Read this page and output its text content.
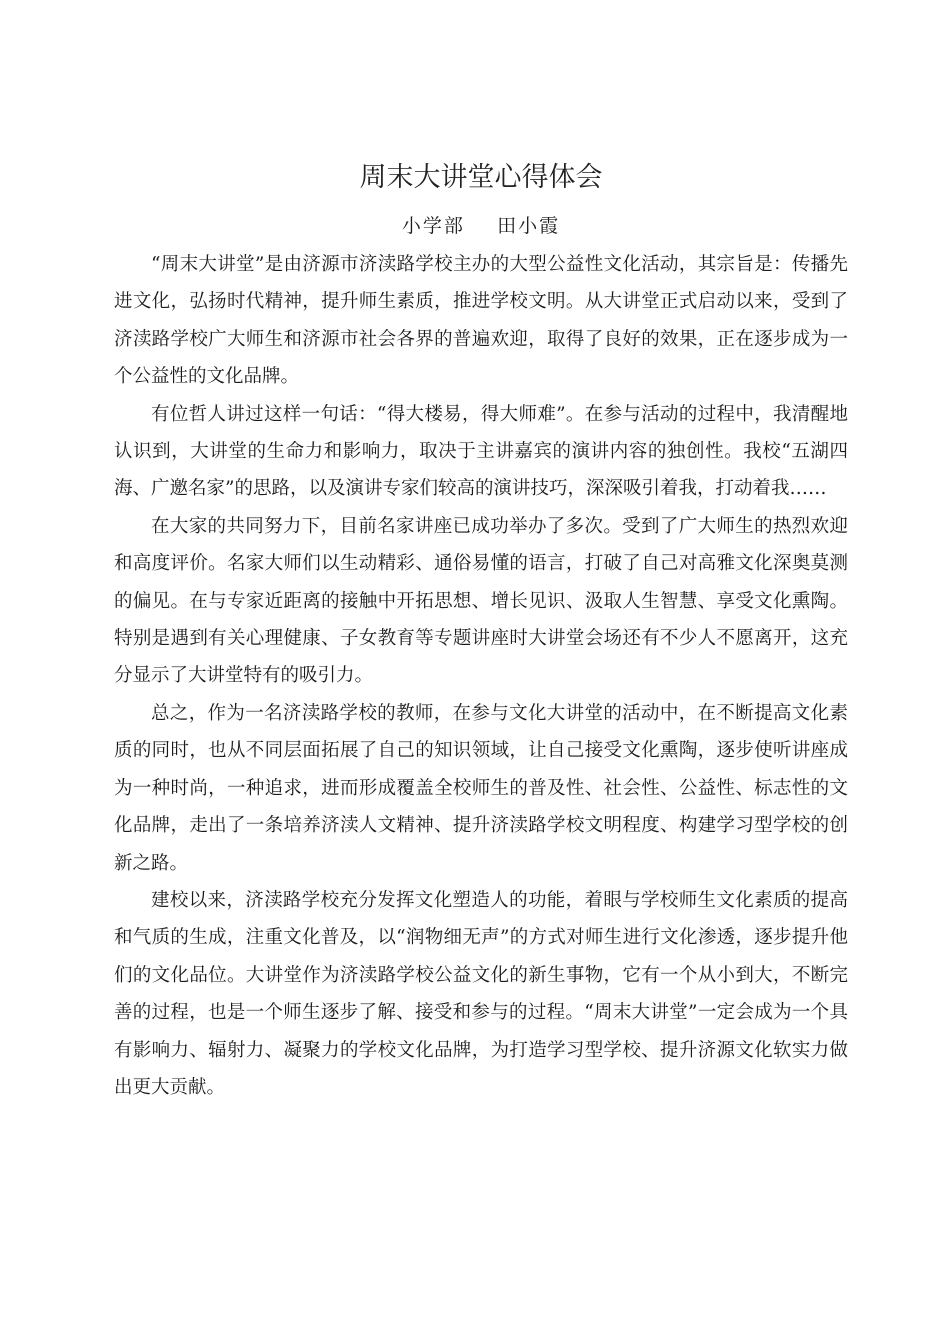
周末大讲堂心得体会

小学部    田小霞

“周末大讲堂”是由济源市济渎路学校主办的大型公益性文化活动，其宗旨是：传播先进文化，弘扬时代精神，提升师生素质，推进学校文明。从大讲堂正式启动以来，受到了济渎路学校广大师生和济源市社会各界的普遍欢迎，取得了良好的效果，正在逐步成为一个公益性的文化品牌。

有位哲人讲过这样一句话：“得大楼易，得大师难”。在参与活动的过程中，我清醒地认识到，大讲堂的生命力和影响力，取决于主讲嘉宾的演讲内容的独创性。我校“五湖四海、广邀名家”的思路，以及演讲专家们较高的演讲技巧，深深吸引着我，打动着我……

在大家的共同努力下，目前名家讲座已成功举办了多次。受到了广大师生的热烈欢迎和高度评价。名家大师们以生动精彩、通俗易懂的语言，打破了自己对高雅文化深奥莫测的偏见。在与专家近距离的接触中开拓思想、增长见识、汲取人生智慧、享受文化熏陶。特别是遇到有关心理健康、子女教育等专题讲座时大讲堂会场还有不少人不愿离开，这充分显示了大讲堂特有的吸引力。

总之，作为一名济渎路学校的教师，在参与文化大讲堂的活动中，在不断提高文化素质的同时，也从不同层面拓展了自己的知识领域，让自己接受文化熏陶，逐步使听讲座成为一种时尚，一种追求，进而形成覆盖全校师生的普及性、社会性、公益性、标志性的文化品牌，走出了一条培养济渎人文精神、提升济渎路学校文明程度、构建学习型学校的创新之路。

建校以来，济渎路学校充分发挥文化塑造人的功能，着眼与学校师生文化素质的提高和气质的生成，注重文化普及，以“润物细无声”的方式对师生进行文化渗透，逐步提升他们的文化品位。大讲堂作为济渎路学校公益文化的新生事物，它有一个从小到大，不断完善的过程，也是一个师生逐步了解、接受和参与的过程。“周末大讲堂”一定会成为一个具有影响力、辐射力、凝聚力的学校文化品牌，为打造学习型学校、提升济源文化软实力做出更大贡献。
